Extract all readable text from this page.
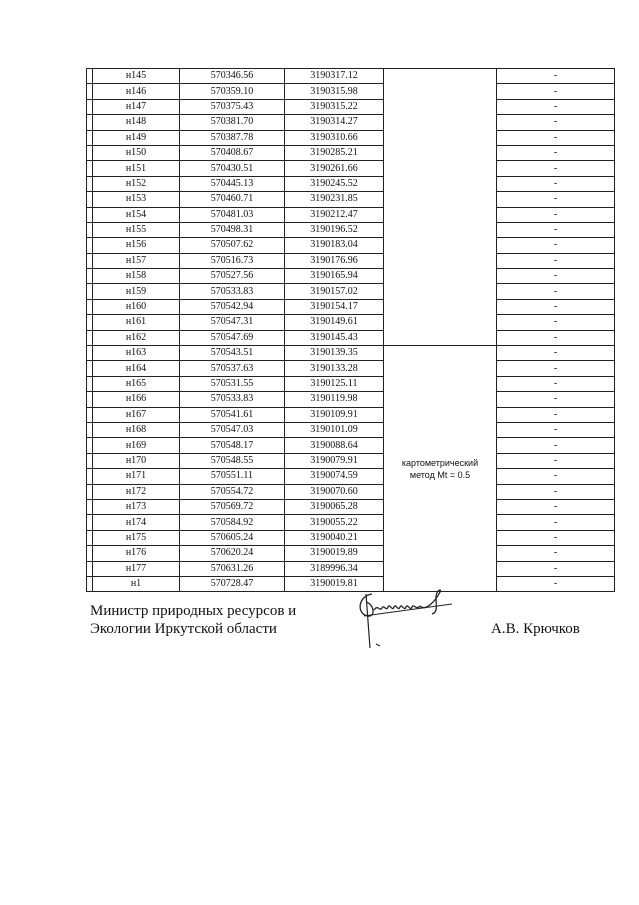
	н145	570346.56	3190317.12		-
	н146	570359.10	3190315.98		-
	н147	570375.43	3190315.22		-
	н148	570381.70	3190314.27		-
	н149	570387.78	3190310.66		-
	н150	570408.67	3190285.21		-
	н151	570430.51	3190261.66		-
	н152	570445.13	3190245.52		-
	н153	570460.71	3190231.85		-
	н154	570481.03	3190212.47		-
	н155	570498.31	3190196.52		-
	н156	570507.62	3190183.04		-
	н157	570516.73	3190176.96		-
	н158	570527.56	3190165.94		-
	н159	570533.83	3190157.02		-
	н160	570542.94	3190154.17		-
	н161	570547.31	3190149.61		-
	н162	570547.69	3190145.43		-
	н163	570543.51	3190139.35	картометрический
метод Mt = 0.5	-
	н164	570537.63	3190133.28		-
	н165	570531.55	3190125.11		-
	н166	570533.83	3190119.98		-
	н167	570541.61	3190109.91		-
	н168	570547.03	3190101.09		-
	н169	570548.17	3190088.64		-
	н170	570548.55	3190079.91		-
	н171	570551.11	3190074.59		-
	н172	570554.72	3190070.60		-
	н173	570569.72	3190065.28		-
	н174	570584.92	3190055.22		-
	н175	570605.24	3190040.21		-
	н176	570620.24	3190019.89		-
	н177	570631.26	3189996.34		-
	н1	570728.47	3190019.81		-
Министр природных ресурсов и
Экологии Иркутской области	А.В. Крючков
